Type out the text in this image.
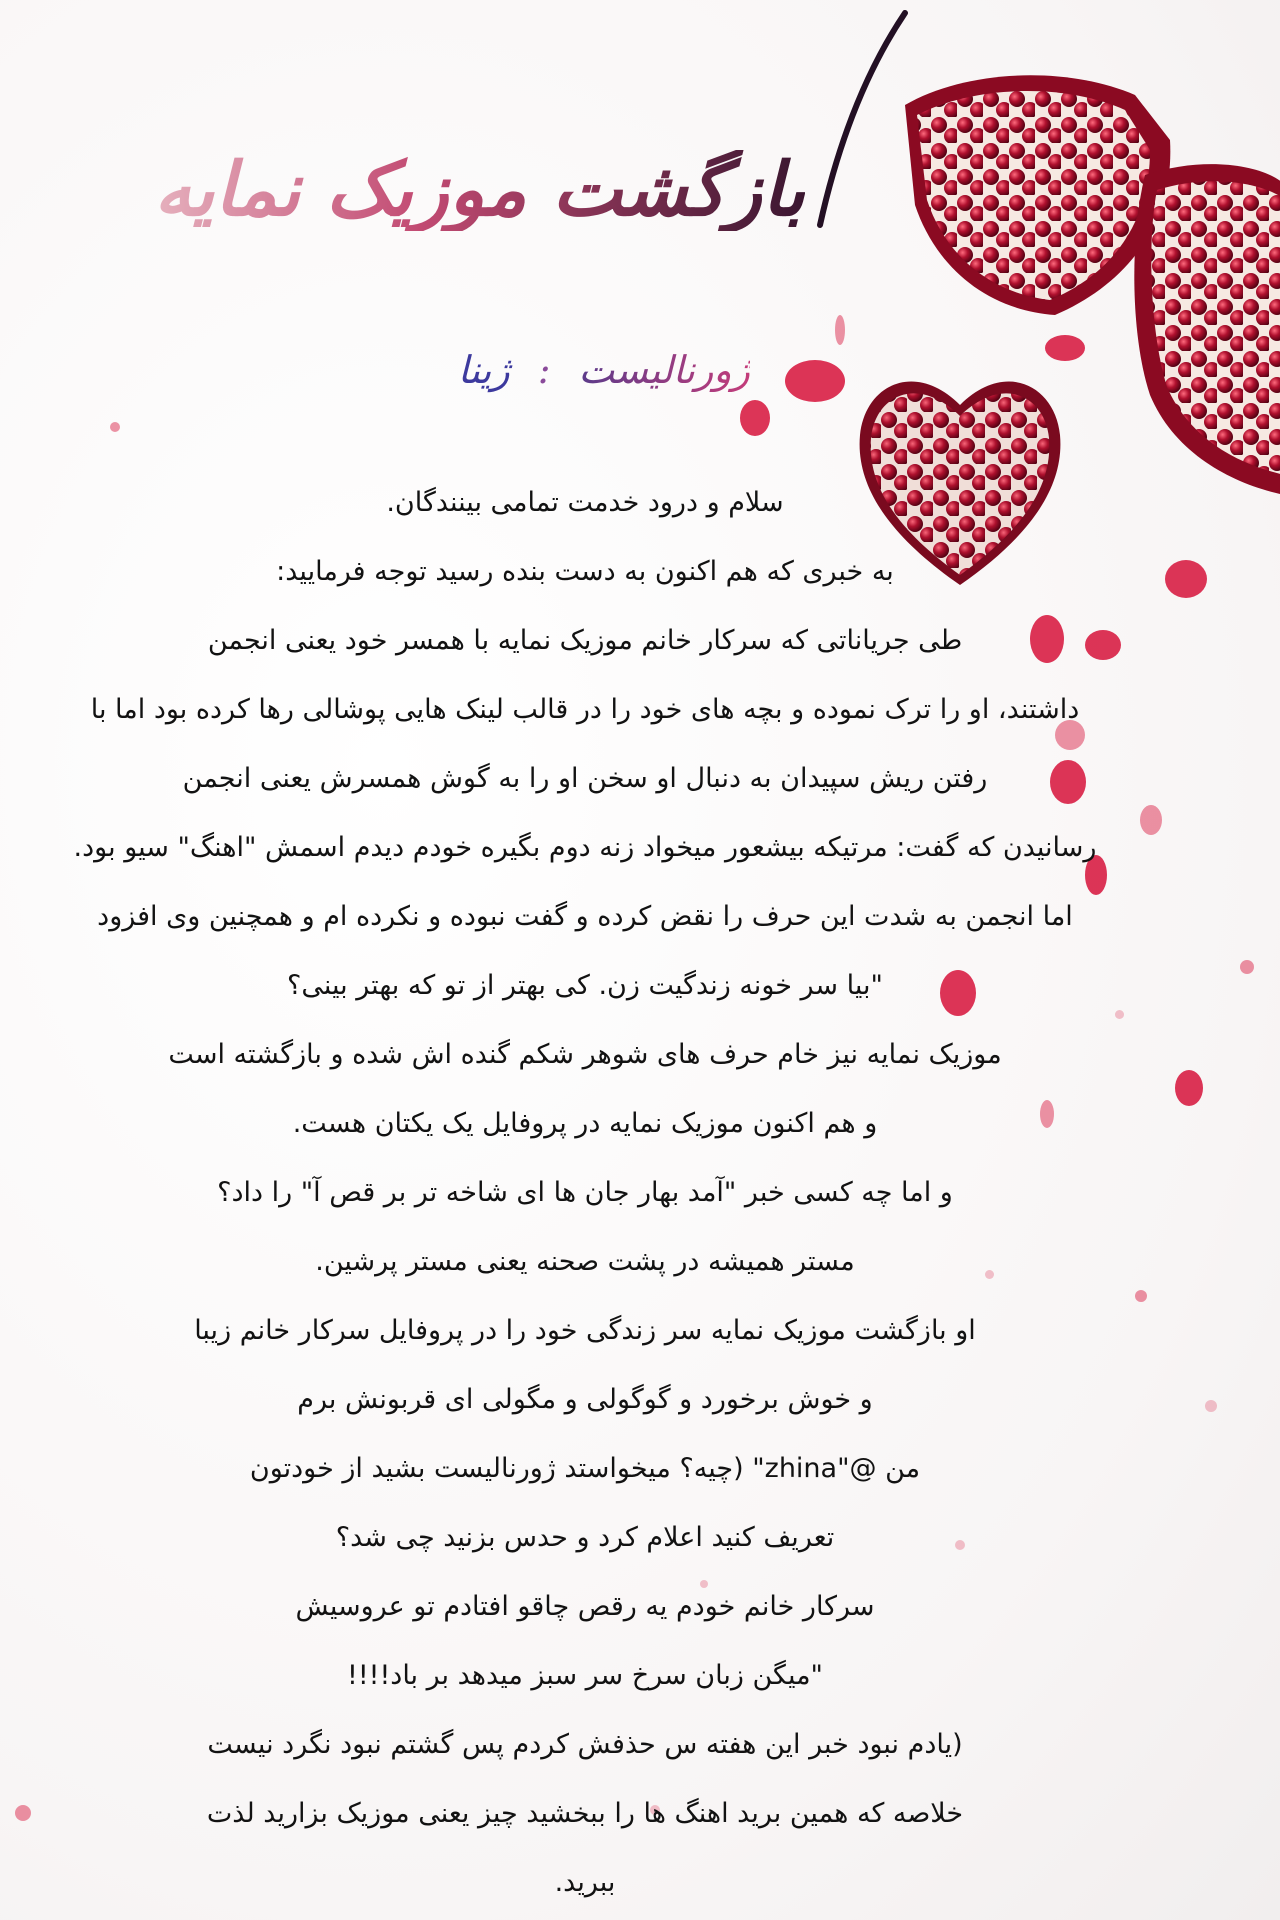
بازگشت موزیک نمایه
ژورنالیست:ژینا
سلام و درود خدمت تمامی بینندگان.
به خبری که هم اکنون به دست بنده رسید توجه فرمایید:
طی جریاناتی که سرکار خانم موزیک نمایه با همسر خود یعنی انجمن
داشتند، او را ترک نموده و بچه های خود را در قالب لینک هایی پوشالی رها کرده بود اما با
رفتن ریش سپیدان به دنبال او سخن او را به گوش همسرش یعنی انجمن
رسانیدن که گفت: مرتیکه بیشعور میخواد زنه دوم بگیره خودم دیدم اسمش "اهنگ" سیو بود.
اما انجمن به شدت این حرف را نقض کرده و گفت نبوده و نکرده ام و همچنین وی افزود
"بیا سر خونه زندگیت زن. کی بهتر از تو که بهتر بینی؟
موزیک نمایه نیز خام حرف های شوهر شکم گنده اش شده و بازگشته است
و هم اکنون موزیک نمایه در پروفایل یک یکتان هست.
و اما چه کسی خبر "آمد بهار جان ها ای شاخه تر بر قص آ" را داد؟
مستر همیشه در پشت صحنه یعنی مستر پرشین.
او بازگشت موزیک نمایه سر زندگی خود را در پروفایل سرکار خانم زیبا
و خوش برخورد و گوگولی و مگولی ای قربونش برم
من @"zhina" (چیه؟ میخواستد ژورنالیست بشید از خودتون
تعریف کنید اعلام کرد و حدس بزنید چی شد؟
سرکار خانم خودم یه رقص چاقو افتادم تو عروسیش
"میگن زبان سرخ سر سبز میدهد بر باد!!!!
(یادم نبود خبر این هفته س حذفش کردم پس گشتم نبود نگرد نیست
خلاصه که همین برید اهنگ ها را ببخشید چیز یعنی موزیک بزارید لذت
ببرید.
